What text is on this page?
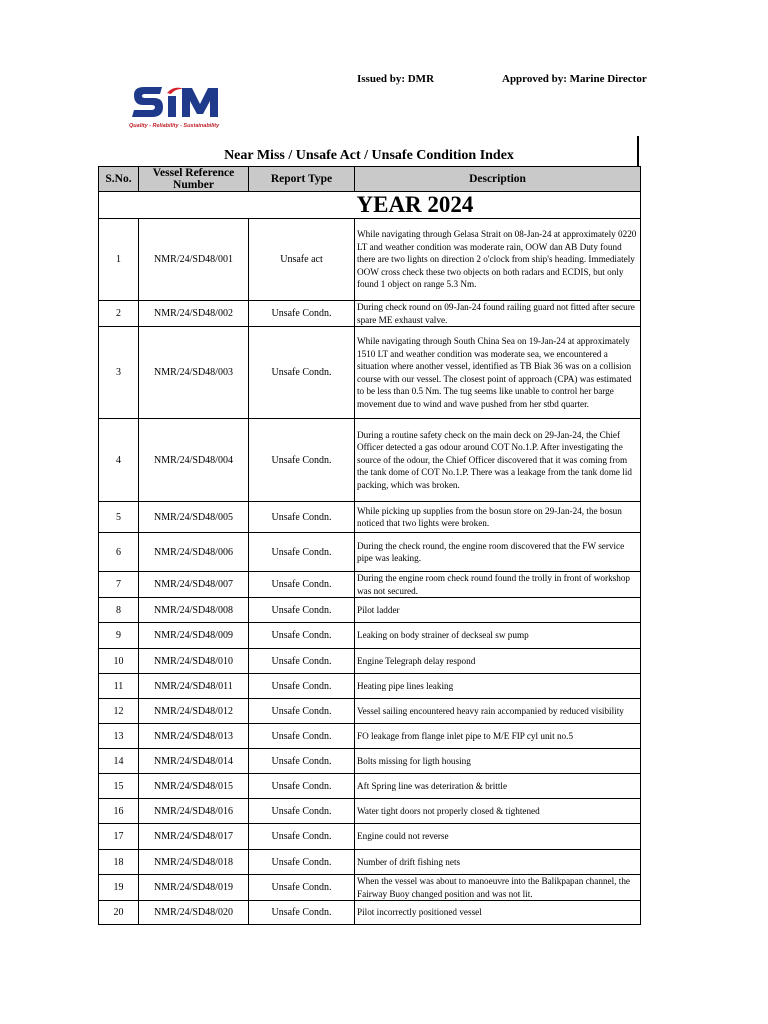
Issued by: DMR	Approved by: Marine Director
Quality - Reliability - Sustainability
Near Miss / Unsafe Act / Unsafe Condition Index
S.No.	Vessel Reference Number	Report Type	Description
			YEAR 2024
1	NMR/24/SD48/001	Unsafe act	While navigating through Gelasa Strait on 08-Jan-24 at approximately 0220 LT and weather condition was moderate rain, OOW dan AB Duty found there are two lights on direction 2 o'clock from ship's heading. Immediately OOW cross check these two objects on both radars and ECDIS, but only found 1 object on range 5.3 Nm.
2	NMR/24/SD48/002	Unsafe Condn.	During check round on 09-Jan-24 found railing guard not fitted after secure spare ME exhaust valve.
3	NMR/24/SD48/003	Unsafe Condn.	While navigating through South China Sea on 19-Jan-24 at approximately 1510 LT and weather condition was moderate sea, we encountered a situation where another vessel, identified as TB Biak 36 was on a collision course with our vessel. The closest point of approach (CPA) was estimated to be less than 0.5 Nm. The tug seems like unable to control her barge movement due to wind and wave pushed from her stbd quarter.
4	NMR/24/SD48/004	Unsafe Condn.	During a routine safety check on the main deck on 29-Jan-24, the Chief Officer detected a gas odour around COT No.1.P. After investigating the source of the odour, the Chief Officer discovered that it was coming from the tank dome of COT No.1.P. There was a leakage from the tank dome lid packing, which was broken.
5	NMR/24/SD48/005	Unsafe Condn.	While picking up supplies from the bosun store on 29-Jan-24, the bosun noticed that two lights were broken.
6	NMR/24/SD48/006	Unsafe Condn.	During the check round, the engine room discovered that the FW service pipe was leaking.
7	NMR/24/SD48/007	Unsafe Condn.	During the engine room check round found the trolly in front of workshop was not secured.
8	NMR/24/SD48/008	Unsafe Condn.	Pilot ladder
9	NMR/24/SD48/009	Unsafe Condn.	Leaking on body strainer of deckseal sw pump
10	NMR/24/SD48/010	Unsafe Condn.	Engine Telegraph delay respond
11	NMR/24/SD48/011	Unsafe Condn.	Heating pipe lines leaking
12	NMR/24/SD48/012	Unsafe Condn.	Vessel sailing encountered heavy rain accompanied by reduced visibility
13	NMR/24/SD48/013	Unsafe Condn.	FO leakage from flange inlet pipe to M/E FIP cyl unit no.5
14	NMR/24/SD48/014	Unsafe Condn.	Bolts missing for ligth housing
15	NMR/24/SD48/015	Unsafe Condn.	Aft Spring line was deteriration & brittle
16	NMR/24/SD48/016	Unsafe Condn.	Water tight doors not properly closed & tightened
17	NMR/24/SD48/017	Unsafe Condn.	Engine could not reverse
18	NMR/24/SD48/018	Unsafe Condn.	Number of drift fishing nets
19	NMR/24/SD48/019	Unsafe Condn.	When the vessel was about to manoeuvre into the Balikpapan channel, the Fairway Buoy changed position and was not lit.
20	NMR/24/SD48/020	Unsafe Condn.	Pilot incorrectly positioned vessel
